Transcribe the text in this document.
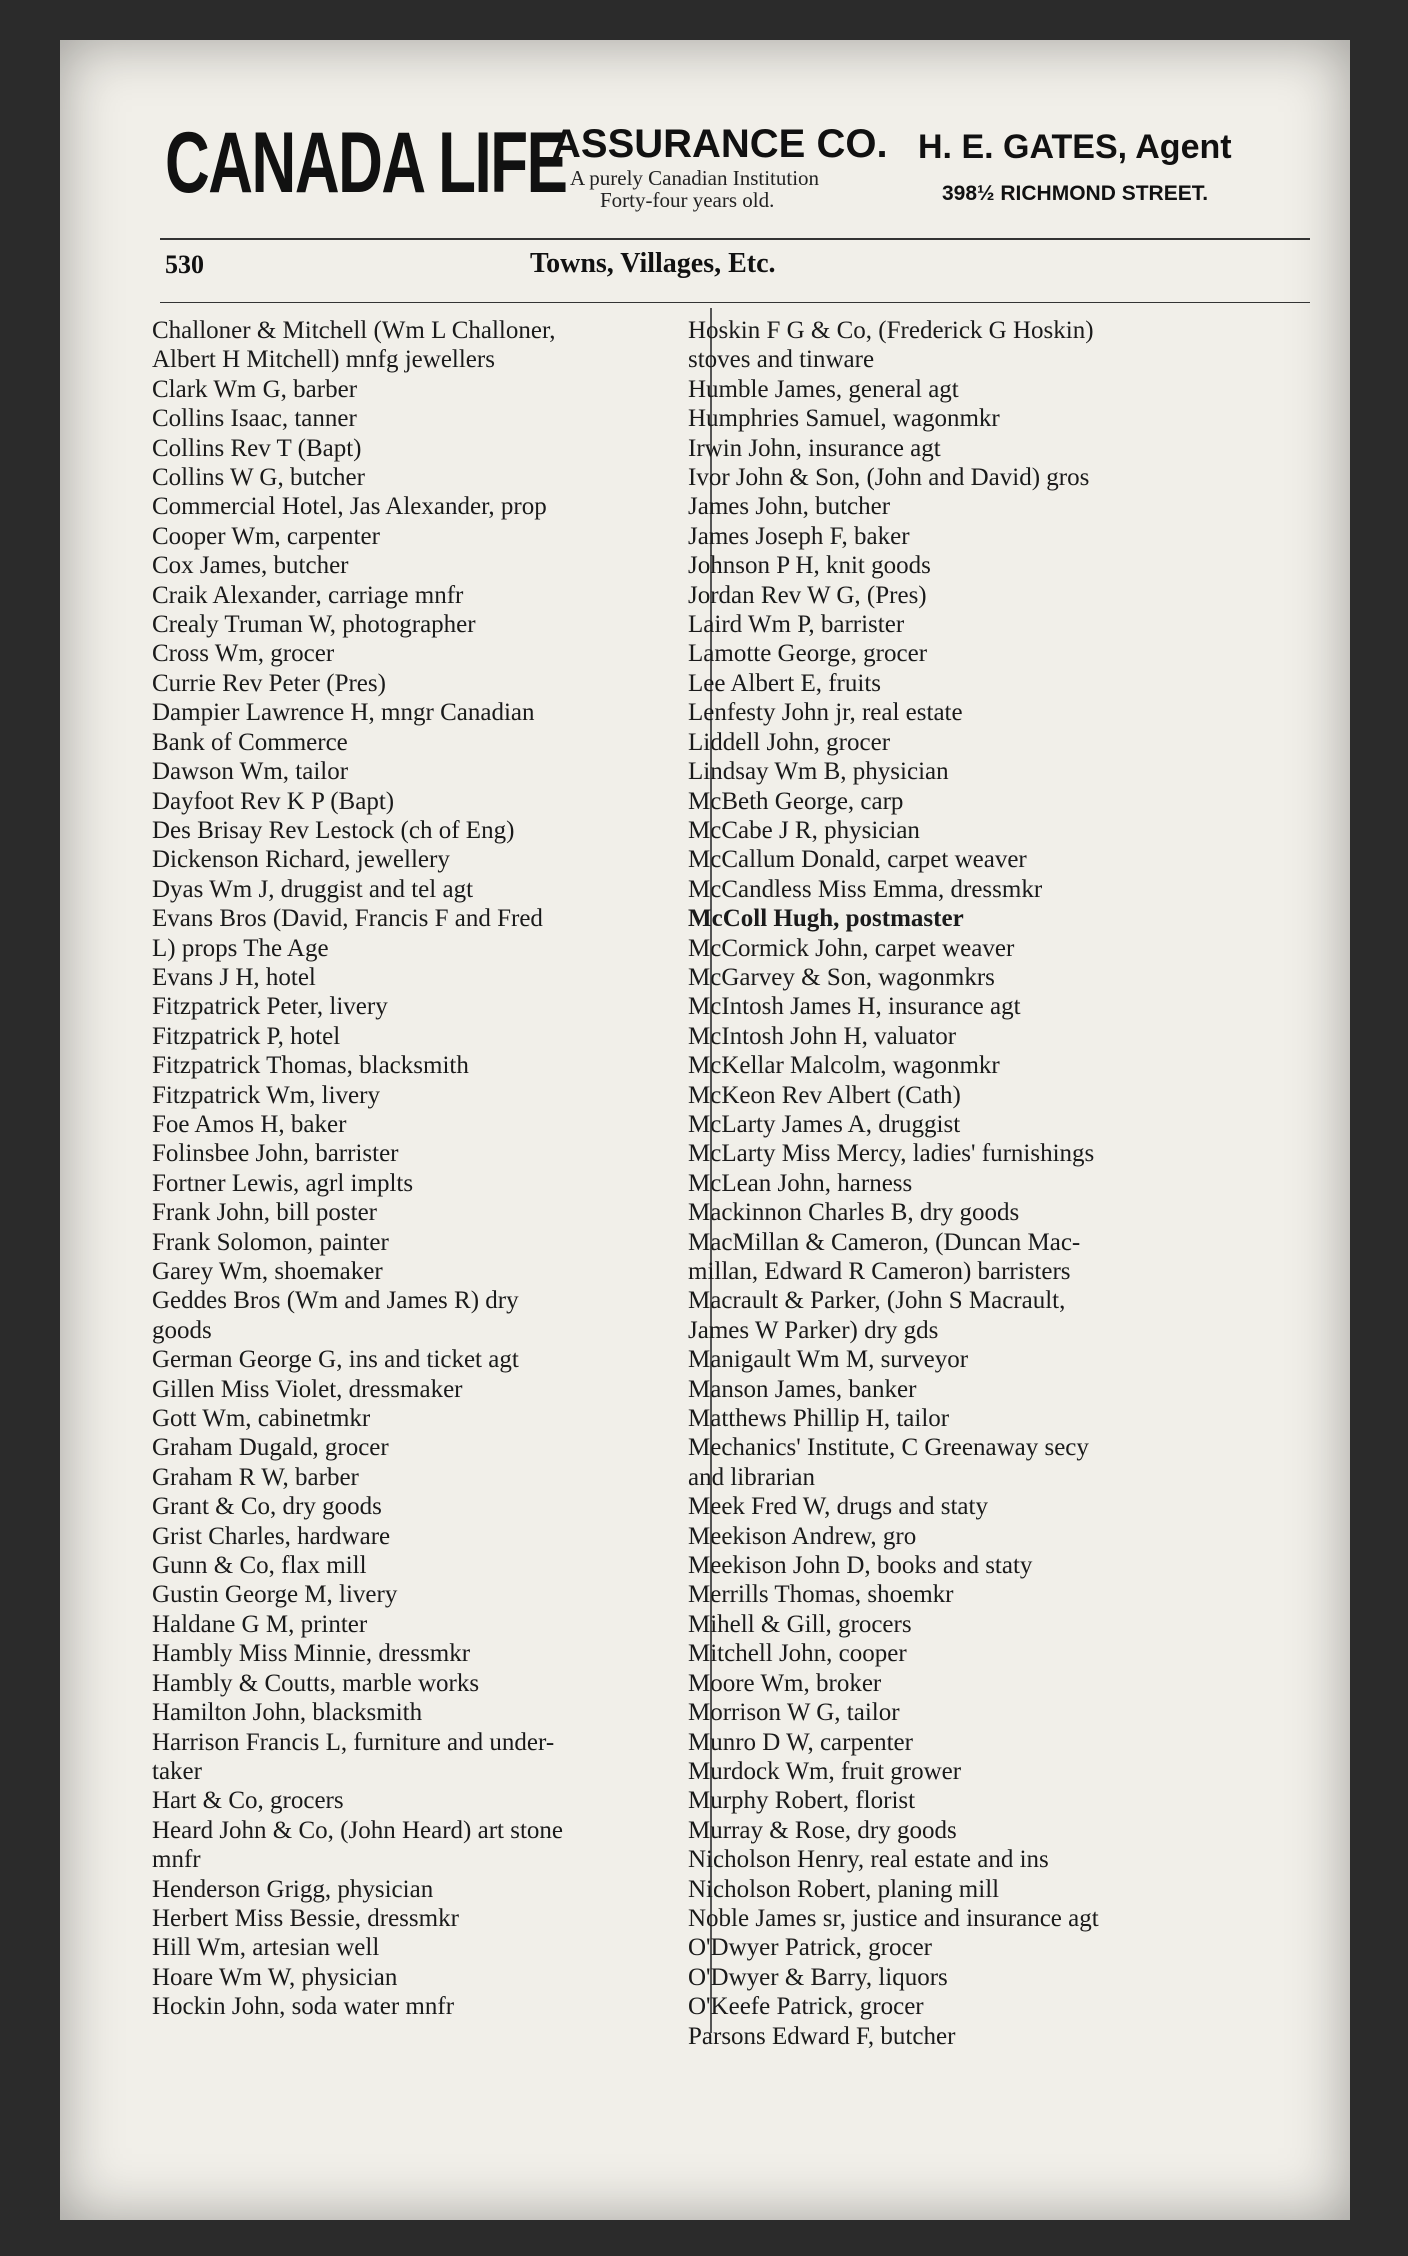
CANADA LIFE
ASSURANCE CO.
A purely Canadian Institution
Forty-four years old.
H. E. GATES, Agent
398½ RICHMOND STREET.
530	Towns, Villages, Etc.

Challoner & Mitchell (Wm L Challoner,

Albert H Mitchell) mnfg jewellers

Clark Wm G, barber

Collins Isaac, tanner

Collins Rev T (Bapt)

Collins W G, butcher

Commercial Hotel, Jas Alexander, prop

Cooper Wm, carpenter

Cox James, butcher

Craik Alexander, carriage mnfr

Crealy Truman W, photographer

Cross Wm, grocer

Currie Rev Peter (Pres)

Dampier Lawrence H, mngr Canadian

Bank of Commerce

Dawson Wm, tailor

Dayfoot Rev K P (Bapt)

Des Brisay Rev Lestock (ch of Eng)

Dickenson Richard, jewellery

Dyas Wm J, druggist and tel agt

Evans Bros (David, Francis F and Fred

L) props The Age

Evans J H, hotel

Fitzpatrick Peter, livery

Fitzpatrick P, hotel

Fitzpatrick Thomas, blacksmith

Fitzpatrick Wm, livery

Foe Amos H, baker

Folinsbee John, barrister

Fortner Lewis, agrl implts

Frank John, bill poster

Frank Solomon, painter

Garey Wm, shoemaker

Geddes Bros (Wm and James R) dry

goods

German George G, ins and ticket agt

Gillen Miss Violet, dressmaker

Gott Wm, cabinetmkr

Graham Dugald, grocer

Graham R W, barber

Grant & Co, dry goods

Grist Charles, hardware

Gunn & Co, flax mill

Gustin George M, livery

Haldane G M, printer

Hambly Miss Minnie, dressmkr

Hambly & Coutts, marble works

Hamilton John, blacksmith

Harrison Francis L, furniture and under-

taker

Hart & Co, grocers

Heard John & Co, (John Heard) art stone

mnfr

Henderson Grigg, physician

Herbert Miss Bessie, dressmkr

Hill Wm, artesian well

Hoare Wm W, physician

Hockin John, soda water mnfr

Hoskin F G & Co, (Frederick G Hoskin)

stoves and tinware

Humble James, general agt

Humphries Samuel, wagonmkr

Irwin John, insurance agt

Ivor John & Son, (John and David) gros

James John, butcher

James Joseph F, baker

Johnson P H, knit goods

Jordan Rev W G, (Pres)

Laird Wm P, barrister

Lamotte George, grocer

Lee Albert E, fruits

Lenfesty John jr, real estate

Liddell John, grocer

Lindsay Wm B, physician

McBeth George, carp

McCabe J R, physician

McCallum Donald, carpet weaver

McCandless Miss Emma, dressmkr

McColl Hugh, postmaster

McCormick John, carpet weaver

McGarvey & Son, wagonmkrs

McIntosh James H, insurance agt

McIntosh John H, valuator

McKellar Malcolm, wagonmkr

McKeon Rev Albert (Cath)

McLarty James A, druggist

McLarty Miss Mercy, ladies' furnishings

McLean John, harness

Mackinnon Charles B, dry goods

MacMillan & Cameron, (Duncan Mac-

millan, Edward R Cameron) barristers

Macrault & Parker, (John S Macrault,

James W Parker) dry gds

Manigault Wm M, surveyor

Manson James, banker

Matthews Phillip H, tailor

Mechanics' Institute, C Greenaway secy

and librarian

Meek Fred W, drugs and staty

Meekison Andrew, gro

Meekison John D, books and staty

Merrills Thomas, shoemkr

Mihell & Gill, grocers

Mitchell John, cooper

Moore Wm, broker

Morrison W G, tailor

Munro D W, carpenter

Murdock Wm, fruit grower

Murphy Robert, florist

Murray & Rose, dry goods

Nicholson Henry, real estate and ins

Nicholson Robert, planing mill

Noble James sr, justice and insurance agt

O'Dwyer Patrick, grocer

O'Dwyer & Barry, liquors

O'Keefe Patrick, grocer

Parsons Edward F, butcher
